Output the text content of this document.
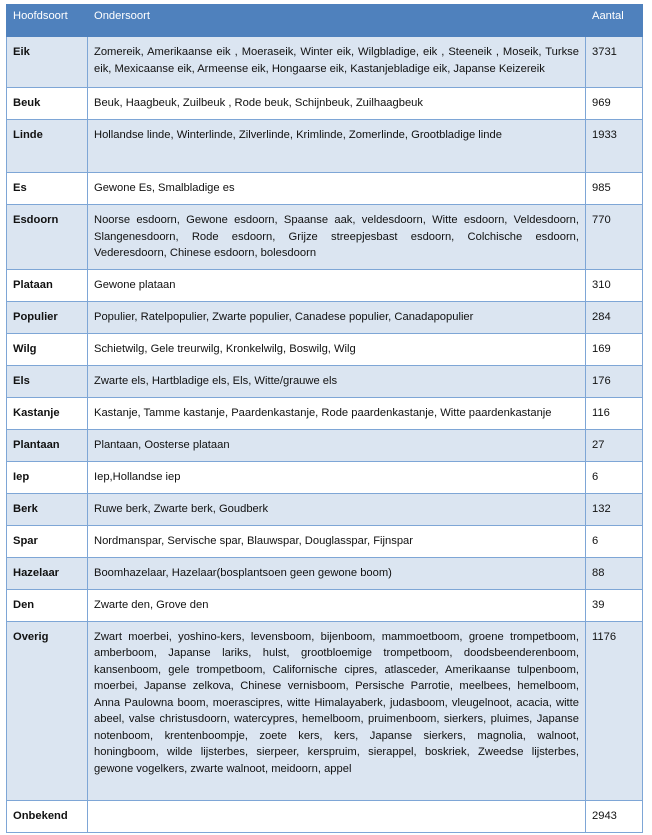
Hoofdsoort	Ondersoort	Aantal
Eik	Zomereik, Amerikaanse eik , Moeraseik, Winter eik, Wilgbladige, eik , Steeneik , Moseik, Turkse eik, Mexicaanse eik, Armeense eik, Hongaarse eik, Kastanjebladige eik, Japanse Keizereik	3731
Beuk	Beuk, Haagbeuk, Zuilbeuk , Rode beuk, Schijnbeuk, Zuilhaagbeuk	969
Linde	Hollandse linde, Winterlinde, Zilverlinde, Krimlinde, Zomerlinde, Grootbladige linde	1933
Es	Gewone Es, Smalbladige es	985
Esdoorn	Noorse esdoorn, Gewone esdoorn, Spaanse aak, veldesdoorn, Witte esdoorn, Veldesdoorn, Slangenesdoorn, Rode esdoorn, Grijze streepjesbast esdoorn, Colchische esdoorn, Vederesdoorn, Chinese esdoorn, bolesdoorn	770
Plataan	Gewone plataan	310
Populier	Populier, Ratelpopulier, Zwarte populier, Canadese populier, Canadapopulier	284
Wilg	Schietwilg, Gele treurwilg, Kronkelwilg, Boswilg, Wilg	169
Els	Zwarte els, Hartbladige els, Els, Witte/grauwe els	176
Kastanje	Kastanje, Tamme kastanje, Paardenkastanje, Rode paardenkastanje, Witte paardenkastanje	116
Plantaan	Plantaan, Oosterse plataan	27
Iep	Iep,Hollandse iep	6
Berk	Ruwe berk, Zwarte berk, Goudberk	132
Spar	Nordmanspar, Servische spar, Blauwspar, Douglasspar, Fijnspar	6
Hazelaar	Boomhazelaar, Hazelaar(bosplantsoen geen gewone boom)	88
Den	Zwarte den, Grove den	39
Overig	Zwart moerbei, yoshino-kers, levensboom, bijenboom, mammoetboom, groene trompetboom, amberboom, Japanse lariks, hulst, grootbloemige trompetboom, doodsbeenderenboom, kansenboom, gele trompetboom, Californische cipres, atlasceder, Amerikaanse tulpenboom, moerbei, Japanse zelkova, Chinese vernisboom, Persische Parrotie, meelbees, hemelboom, Anna Paulowna boom, moerascipres, witte Himalayaberk, judasboom, vleugelnoot, acacia, witte abeel, valse christusdoorn, watercypres, hemelboom, pruimenboom, sierkers, pluimes, Japanse notenboom, krentenboompje, zoete kers, kers, Japanse sierkers, magnolia, walnoot, honingboom, wilde lijsterbes, sierpeer, kerspruim, sierappel, boskriek, Zweedse lijsterbes, gewone vogelkers, zwarte walnoot, meidoorn, appel	1176
Onbekend		2943
